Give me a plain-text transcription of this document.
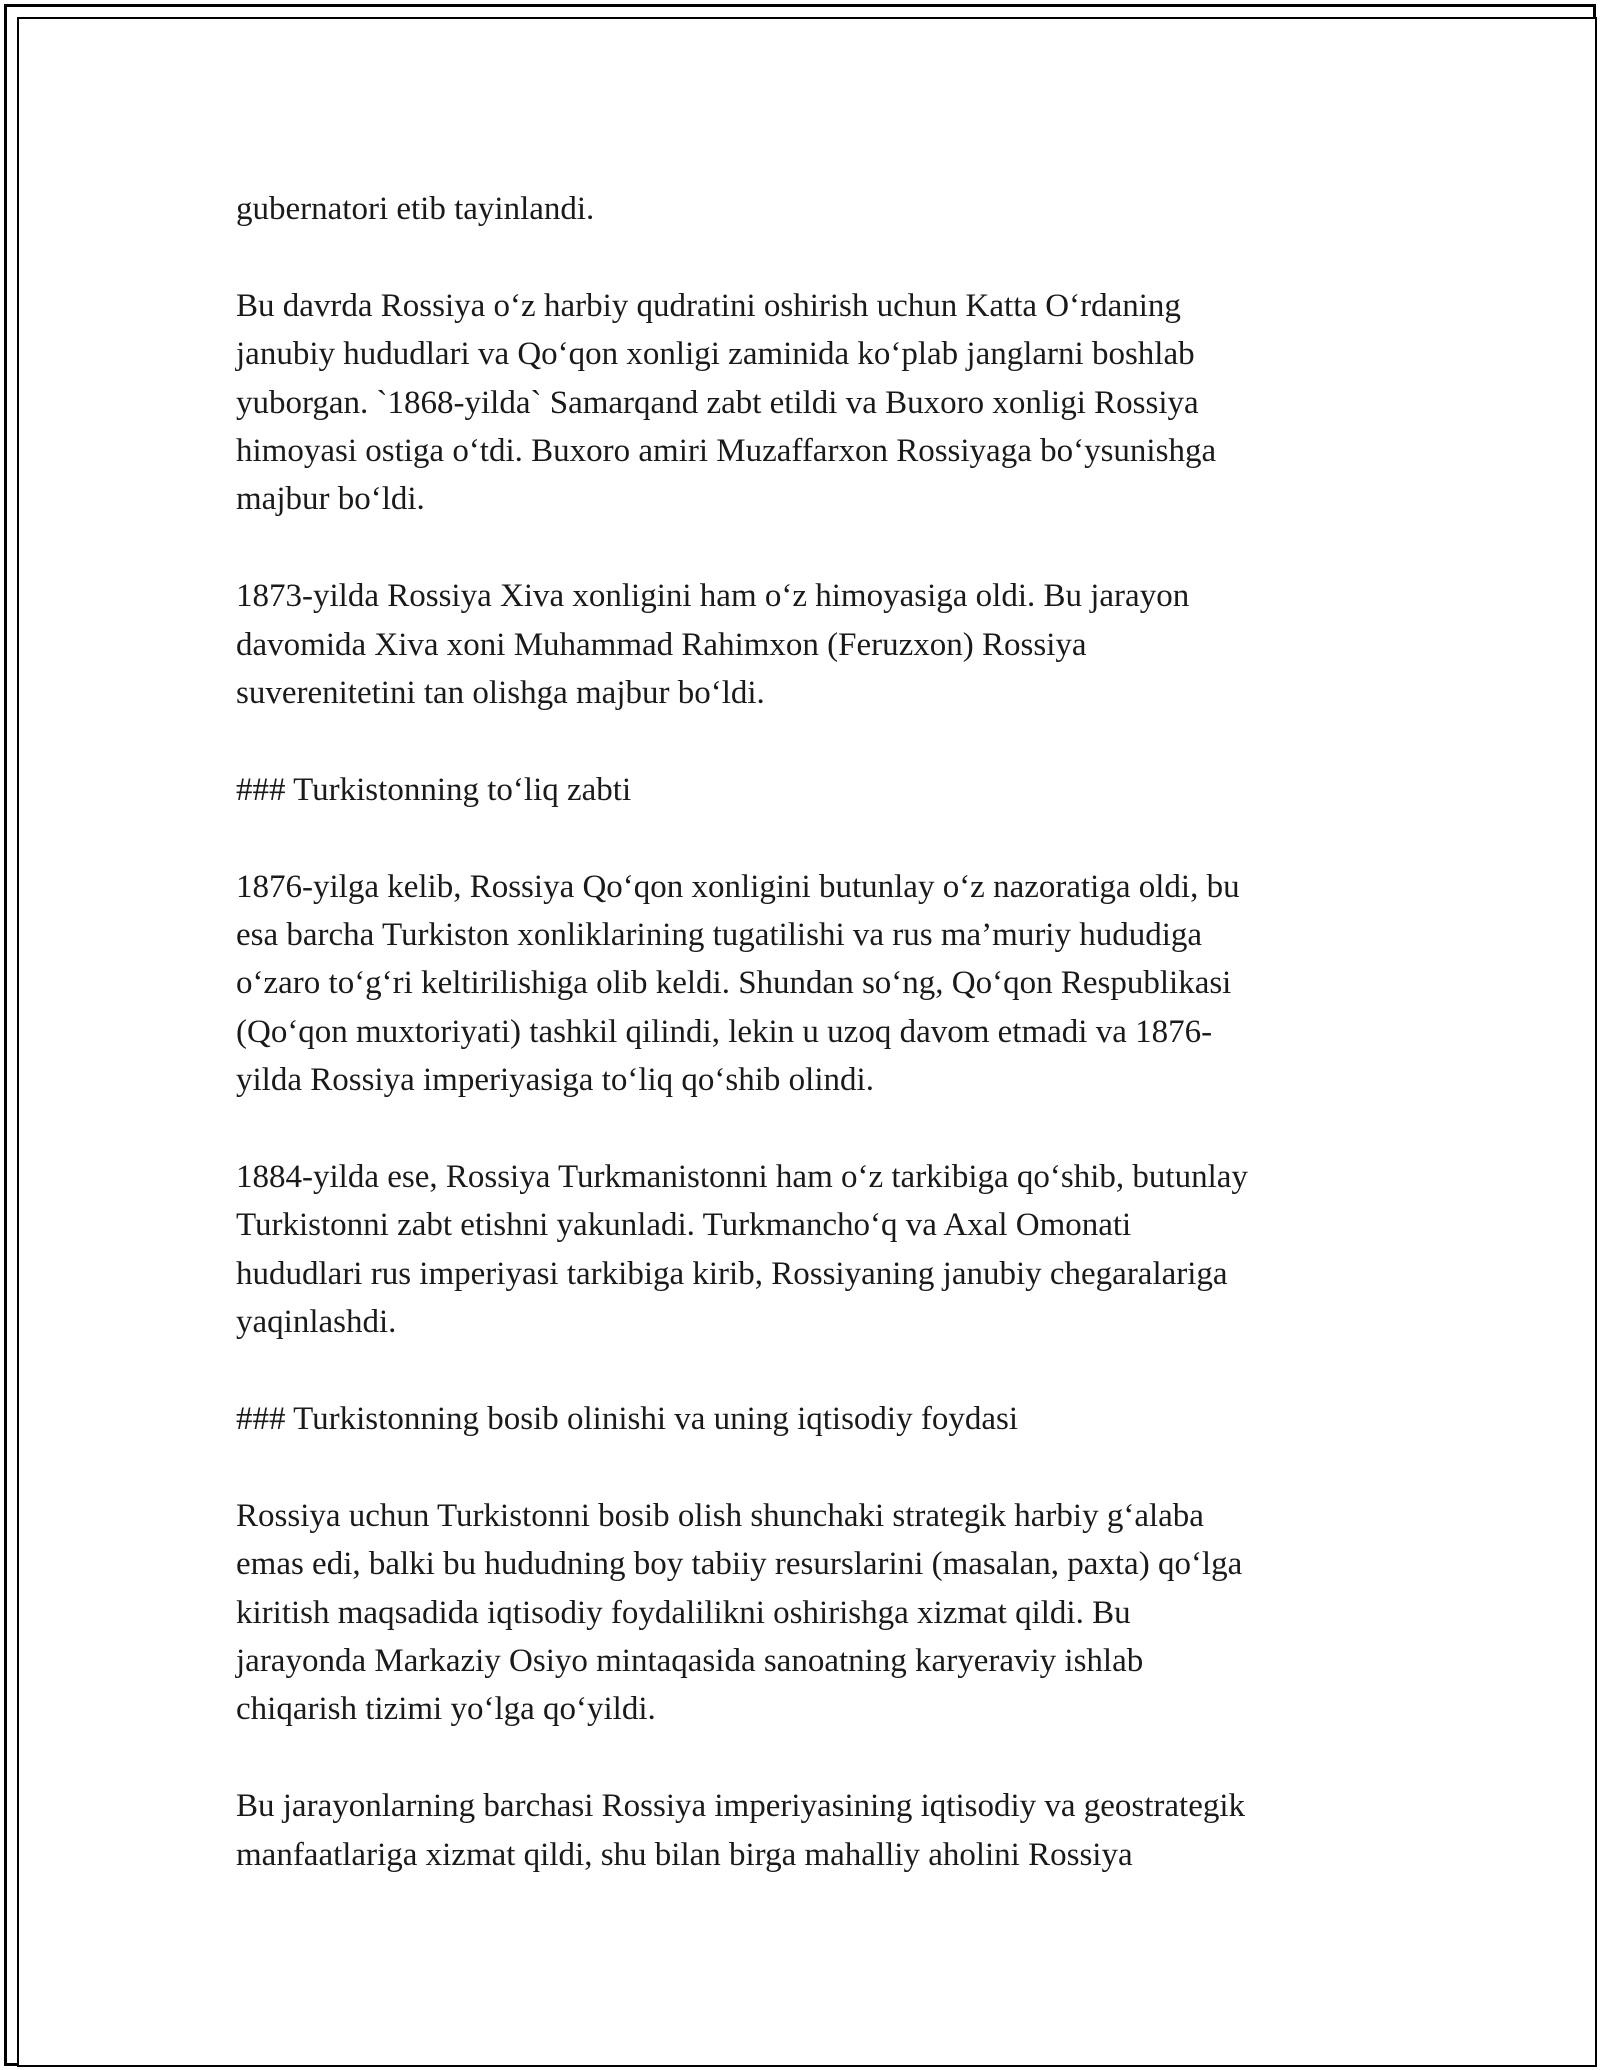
gubernatori etib tayinlandi.

Bu davrda Rossiya o‘z harbiy qudratini oshirish uchun Katta O‘rdaning
janubiy hududlari va Qo‘qon xonligi zaminida ko‘plab janglarni boshlab
yuborgan. `1868-yilda` Samarqand zabt etildi va Buxoro xonligi Rossiya
himoyasi ostiga o‘tdi. Buxoro amiri Muzaffarxon Rossiyaga bo‘ysunishga
majbur bo‘ldi.

1873-yilda Rossiya Xiva xonligini ham o‘z himoyasiga oldi. Bu jarayon
davomida Xiva xoni Muhammad Rahimxon (Feruzxon) Rossiya
suverenitetini tan olishga majbur bo‘ldi.

### Turkistonning to‘liq zabti

1876-yilga kelib, Rossiya Qo‘qon xonligini butunlay o‘z nazoratiga oldi, bu
esa barcha Turkiston xonliklarining tugatilishi va rus ma’muriy hududiga
o‘zaro to‘g‘ri keltirilishiga olib keldi. Shundan so‘ng, Qo‘qon Respublikasi
(Qo‘qon muxtoriyati) tashkil qilindi, lekin u uzoq davom etmadi va 1876-
yilda Rossiya imperiyasiga to‘liq qo‘shib olindi.

1884-yilda ese, Rossiya Turkmanistonni ham o‘z tarkibiga qo‘shib, butunlay
Turkistonni zabt etishni yakunladi. Turkmancho‘q va Axal Omonati
hududlari rus imperiyasi tarkibiga kirib, Rossiyaning janubiy chegaralariga
yaqinlashdi.

### Turkistonning bosib olinishi va uning iqtisodiy foydasi

Rossiya uchun Turkistonni bosib olish shunchaki strategik harbiy g‘alaba
emas edi, balki bu hududning boy tabiiy resurslarini (masalan, paxta) qo‘lga
kiritish maqsadida iqtisodiy foydalilikni oshirishga xizmat qildi. Bu
jarayonda Markaziy Osiyo mintaqasida sanoatning karyeraviy ishlab
chiqarish tizimi yo‘lga qo‘yildi.

Bu jarayonlarning barchasi Rossiya imperiyasining iqtisodiy va geostrategik
manfaatlariga xizmat qildi, shu bilan birga mahalliy aholini Rossiya
